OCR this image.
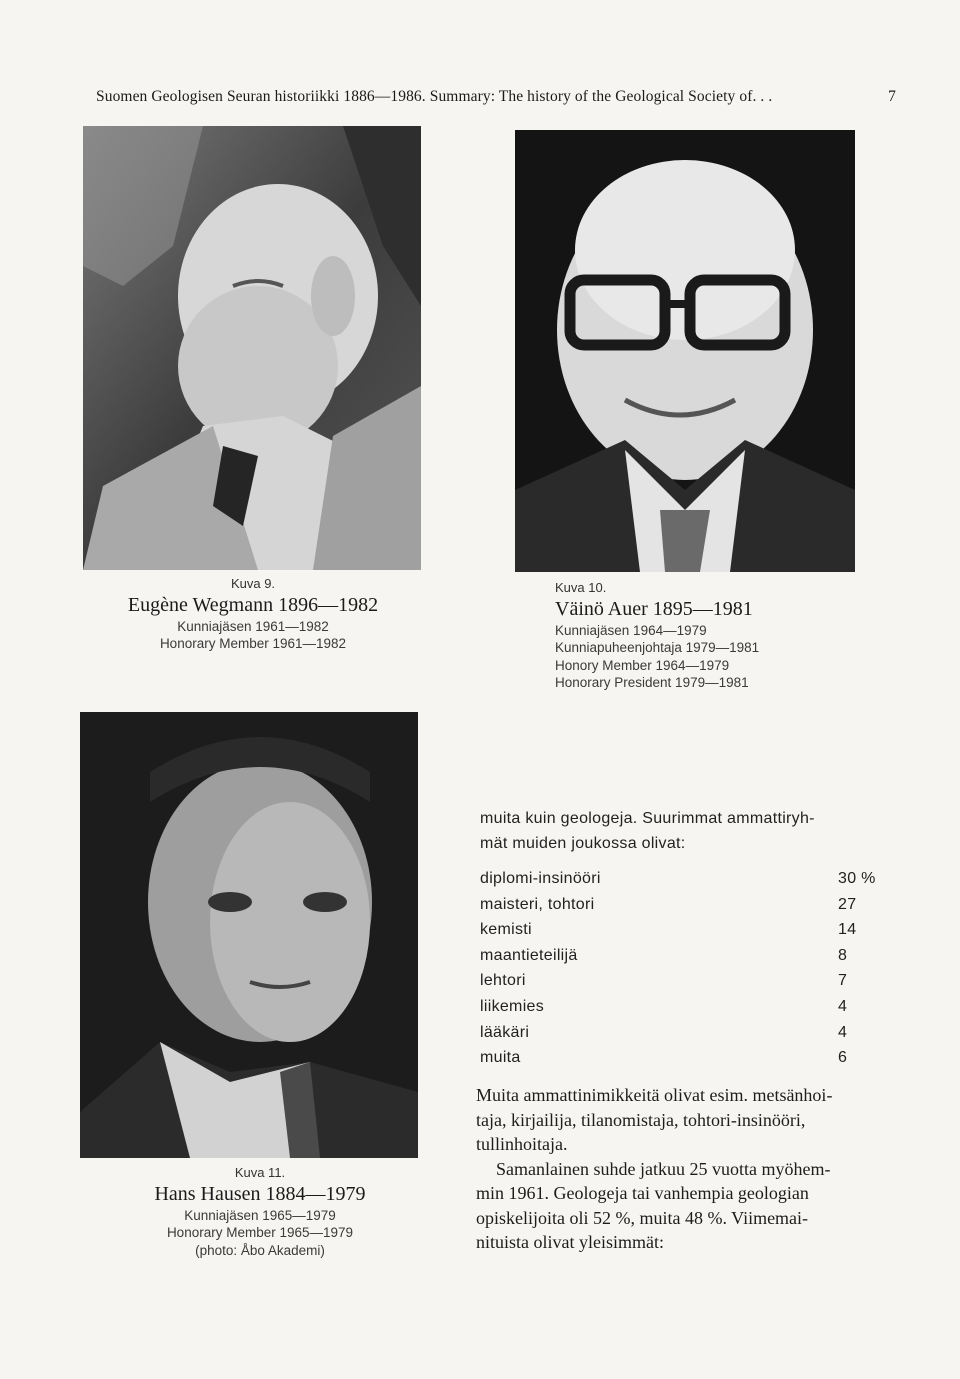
Suomen Geologisen Seuran historiikki 1886—1986. Summary: The history of the Geological Society of. . .	7
Kuva 9.
Eugène Wegmann 1896—1982
Kunniajäsen 1961—1982
Honorary Member 1961—1982
Kuva 10.
Väinö Auer 1895—1981
Kunniajäsen 1964—1979
Kunniapuheenjohtaja 1979—1981
Honory Member 1964—1979
Honorary President 1979—1981
Kuva 11.
Hans Hausen 1884—1979
Kunniajäsen 1965—1979
Honorary Member 1965—1979
(photo: Åbo Akademi)
muita kuin geologeja. Suurimmat ammattiryh-
mät muiden joukossa olivat:
diplomi-insinööri	30 %
maisteri, tohtori	27
kemisti	14
maantieteilijä	8
lehtori	7
liikemies	4
lääkäri	4
muita	6

Muita ammattinimikkeitä olivat esim. metsänhoi-
taja, kirjailija, tilanomistaja, tohtori-insinööri,
tullinhoitaja.

Samanlainen suhde jatkuu 25 vuotta myöhem-
min 1961. Geologeja tai vanhempia geologian
opiskelijoita oli 52 %, muita 48 %. Viimemai-
nituista olivat yleisimmät:
